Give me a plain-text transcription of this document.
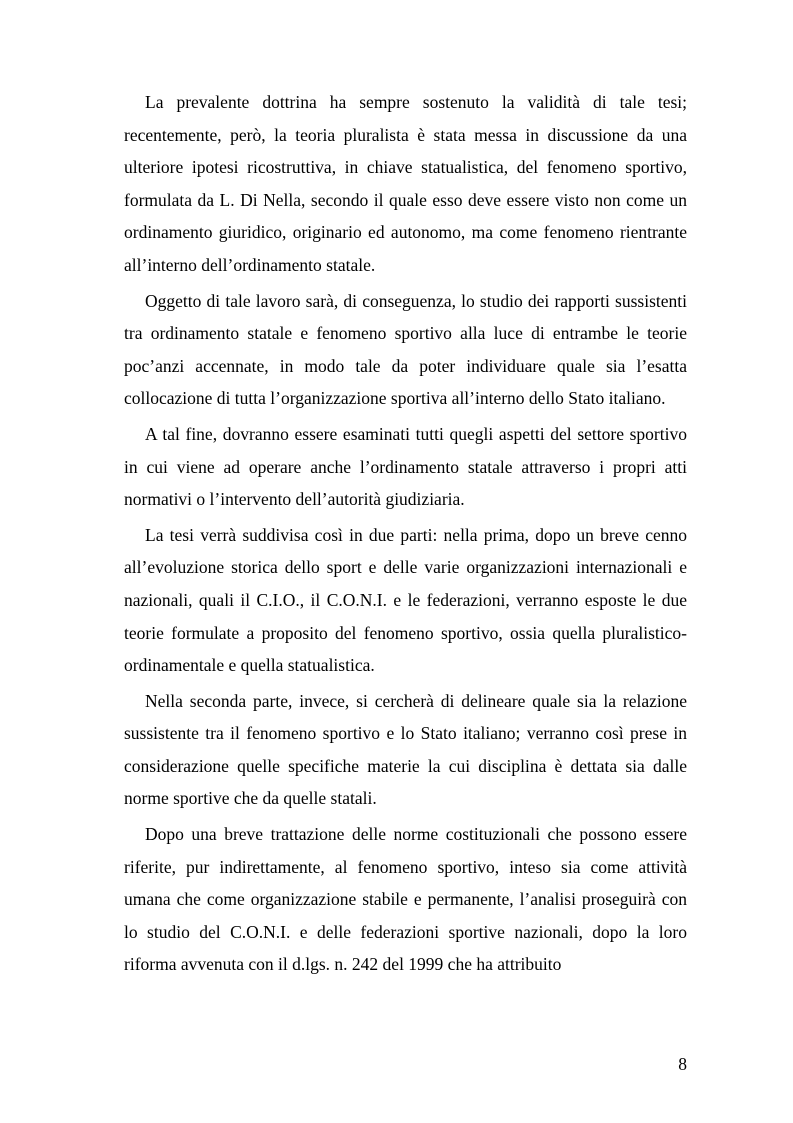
La prevalente dottrina ha sempre sostenuto la validità di tale tesi; recentemente, però, la teoria pluralista è stata messa in discussione da una ulteriore ipotesi ricostruttiva, in chiave statualistica, del fenomeno sportivo, formulata da L. Di Nella, secondo il quale esso deve essere visto non come un ordinamento giuridico, originario ed autonomo, ma come fenomeno rientrante all’interno dell’ordinamento statale.

Oggetto di tale lavoro sarà, di conseguenza, lo studio dei rapporti sussistenti tra ordinamento statale e fenomeno sportivo alla luce di entrambe le teorie poc’anzi accennate, in modo tale da poter individuare quale sia l’esatta collocazione di tutta l’organizzazione sportiva all’interno dello Stato italiano.

A tal fine, dovranno essere esaminati tutti quegli aspetti del settore sportivo in cui viene ad operare anche l’ordinamento statale attraverso i propri atti normativi o l’intervento dell’autorità giudiziaria.

La tesi verrà suddivisa così in due parti: nella prima, dopo un breve cenno all’evoluzione storica dello sport e delle varie organizzazioni internazionali e nazionali, quali il C.I.O., il C.O.N.I. e le federazioni, verranno esposte le due teorie formulate a proposito del fenomeno sportivo, ossia quella pluralistico-ordinamentale e quella statualistica.

Nella seconda parte, invece, si cercherà di delineare quale sia la relazione sussistente tra il fenomeno sportivo e lo Stato italiano; verranno così prese in considerazione quelle specifiche materie la cui disciplina è dettata sia dalle norme sportive che da quelle statali.

Dopo una breve trattazione delle norme costituzionali che possono essere riferite, pur indirettamente, al fenomeno sportivo, inteso sia come attività umana che come organizzazione stabile e permanente, l’analisi proseguirà con lo studio del C.O.N.I. e delle federazioni sportive nazionali, dopo la loro riforma avvenuta con il d.lgs. n. 242 del 1999 che ha attribuito

8
